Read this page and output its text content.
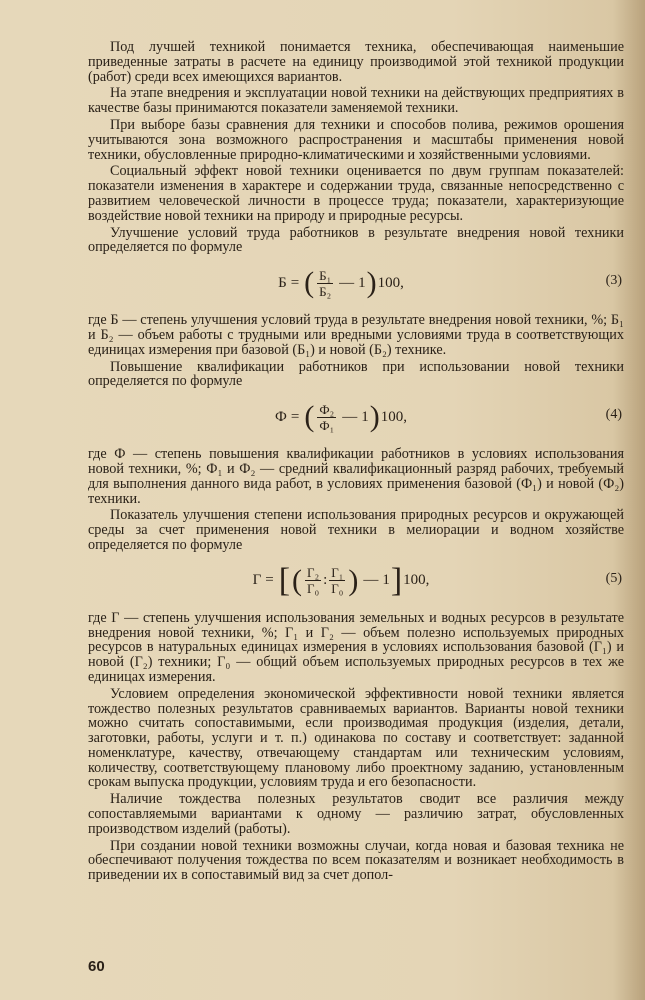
Под лучшей техникой понимается техника, обеспечивающая наименьшие приведенные затраты в расчете на единицу производимой этой техникой продукции (работ) среди всех имеющихся вариантов.

На этапе внедрения и эксплуатации новой техники на действующих предприятиях в качестве базы принимаются показатели заменяемой техники.

При выборе базы сравнения для техники и способов полива, режимов орошения учитываются зона возможного распространения и масштабы применения новой техники, обусловленные природно-климатическими и хозяйственными условиями.

Социальный эффект новой техники оценивается по двум группам показателей: показатели изменения в характере и содержании труда, связанные непосредственно с развитием человеческой личности в процессе труда; показатели, характеризующие воздействие новой техники на природу и природные ресурсы.

Улучшение условий труда работников в результате внедрения новой техники определяется по формуле

Б = ( $\frac{\text{Б₁}}{\text{Б₂}}$ — 1 ) 100,	(3)

где Б — степень улучшения условий труда в результате внедрения новой техники, %; Б₁ и Б₂ — объем работы с трудными или вредными условиями труда в соответствующих единицах измерения при базовой (Б₁) и новой (Б₂) технике.

Повышение квалификации работников при использовании новой техники определяется по формуле

Ф = ( $\frac{\text{Ф₂}}{\text{Ф₁}}$ — 1 ) 100,	(4)

где Ф — степень повышения квалификации работников в условиях использования новой техники, %; Ф₁ и Ф₂ — средний квалификационный разряд рабочих, требуемый для выполнения данного вида работ, в условиях применения базовой (Ф₁) и новой (Ф₂) техники.

Показатель улучшения степени использования природных ресурсов и окружающей среды за счет применения новой техники в мелиорации и водном хозяйстве определяется по формуле

Г = [ ( $\frac{\text{Г₂}}{\text{Г₀}}$ : $\frac{\text{Г₁}}{\text{Г₀}}$ ) — 1 ] 100,	(5)

где Г — степень улучшения использования земельных и водных ресурсов в результате внедрения новой техники, %; Г₁ и Г₂ — объем полезно используемых природных ресурсов в натуральных единицах измерения в условиях использования базовой (Г₁) и новой (Г₂) техники; Г₀ — общий объем используемых природных ресурсов в тех же единицах измерения.

Условием определения экономической эффективности новой техники является тождество полезных результатов сравниваемых вариантов. Варианты новой техники можно считать сопоставимыми, если производимая продукция (изделия, детали, заготовки, работы, услуги и т. п.) одинакова по составу и соответствует: заданной номенклатуре, качеству, отвечающему стандартам или техническим условиям, количеству, соответствующему плановому либо проектному заданию, установленным срокам выпуска продукции, условиям труда и его безопасности.

Наличие тождества полезных результатов сводит все различия между сопоставляемыми вариантами к одному — различию затрат, обусловленных производством изделий (работы).

При создании новой техники возможны случаи, когда новая и базовая техника не обеспечивают получения тождества по всем показателям и возникает необходимость в приведении их в сопоставимый вид за счет допол-

60
